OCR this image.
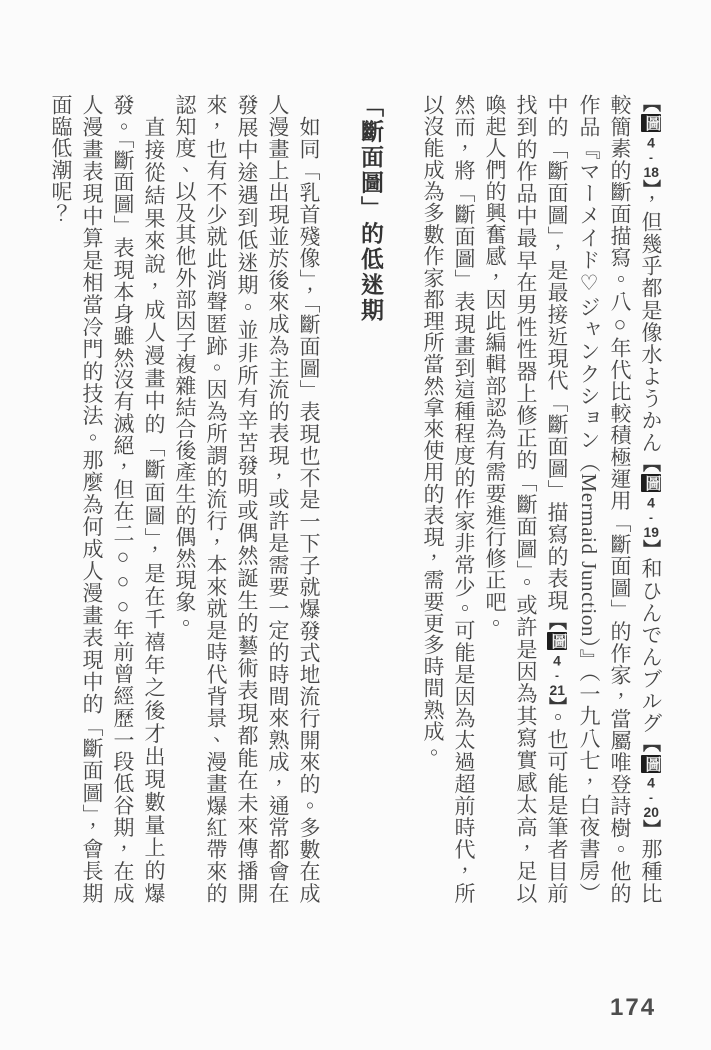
【圖4-18】，但幾乎都是像水ようかん【圖4-19】和ひんでんブルグ【圖4-20】那種比較簡素的斷面描寫。八○年代比較積極運用「斷面圖」的作家，當屬唯登詩樹。他的作品『マーメイド♡ジャンクション（Mermaid Junction）』（一九八七，白夜書房）中的「斷面圖」，是最接近現代「斷面圖」描寫的表現【圖4-21】。也可能是筆者目前找到的作品中最早在男性性器上修正的「斷面圖」。或許是因為其寫實感太高，足以喚起人們的興奮感，因此編輯部認為有需要進行修正吧。

然而，將「斷面圖」表現畫到這種程度的作家非常少。可能是因為太過超前時代，所以沒能成為多數作家都理所當然拿來使用的表現，需要更多時間熟成。

「斷面圖」的低迷期

如同「乳首殘像」，「斷面圖」表現也不是一下子就爆發式地流行開來的。多數在成人漫畫上出現並於後來成為主流的表現，或許是需要一定的時間來熟成，通常都會在發展中途遇到低迷期。並非所有辛苦發明或偶然誕生的藝術表現都能在未來傳播開來，也有不少就此消聲匿跡。因為所謂的流行，本來就是時代背景、漫畫爆紅帶來的認知度、以及其他外部因子複雜結合後產生的偶然現象。

直接從結果來說，成人漫畫中的「斷面圖」，是在千禧年之後才出現數量上的爆發。「斷面圖」表現本身雖然沒有滅絕，但在二○○○年前曾經歷一段低谷期，在成人漫畫表現中算是相當冷門的技法。那麼為何成人漫畫表現中的「斷面圖」，會長期面臨低潮呢？

174
